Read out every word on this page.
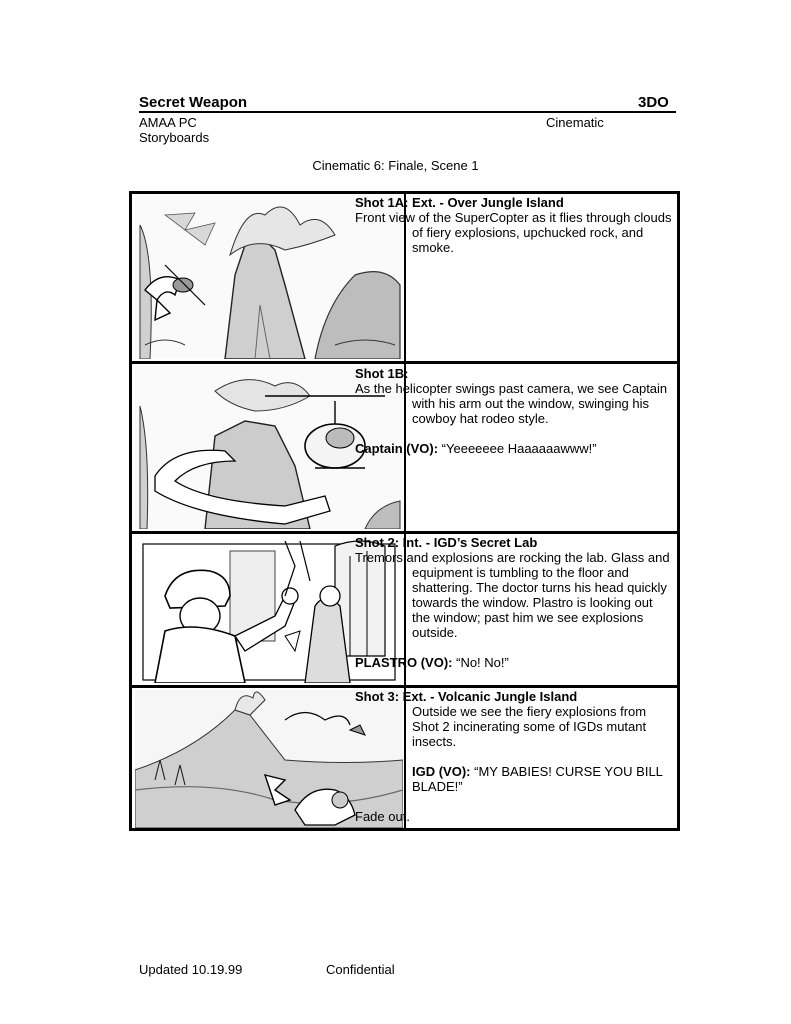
Secret Weapon	3DO
AMAA PC	Cinematic
Storyboards
Cinematic 6: Finale, Scene 1
Shot 1A: Ext. - Over Jungle Island
Front view of the SuperCopter as it flies through clouds
of fiery explosions, upchucked rock, and
smoke.
Shot 1B:
As the helicopter swings past camera, we see Captain
with his arm out the window, swinging his
cowboy hat rodeo style.
Captain (VO): “Yeeeeeee Haaaaaawww!”
Shot 2: Int. - IGD’s Secret Lab
Tremors and explosions are rocking the lab. Glass and
equipment is tumbling to the floor and
shattering. The doctor turns his head quickly
towards the window. Plastro is looking out
the window; past him we see explosions
outside.
PLASTRO (VO): “No! No!”
Shot 3: Ext. - Volcanic Jungle Island
Outside we see the fiery explosions from
Shot 2 incinerating some of IGDs mutant
insects.
IGD (VO): “MY BABIES! CURSE YOU BILL
BLADE!”
Fade out.
Updated 10.19.99	Confidential
